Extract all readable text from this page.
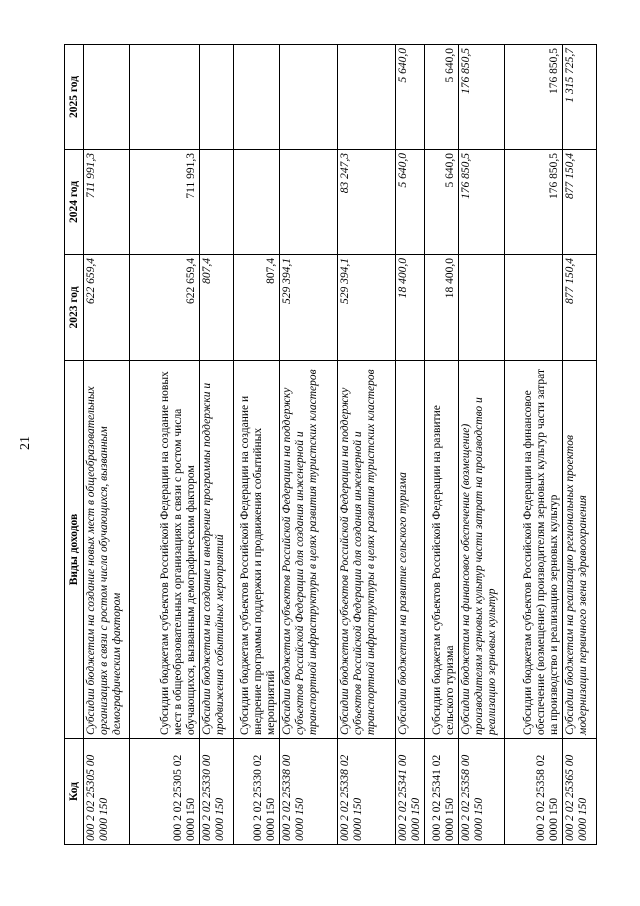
21
Код	Виды доходов	2023 год	2024 год	2025 год
000 2 02 25305 00 0000 150	Субсидии бюджетам на создание новых мест в общеобразовательных организациях в связи с ростом числа обучающихся, вызванным демографическим фактором	622 659,4	711 991,3	
000 2 02 25305 02 0000 150	Субсидии бюджетам субъектов Российской Федерации на создание новых мест в общеобразовательных организациях в связи с ростом числа обучающихся, вызванным демографическим фактором	622 659,4	711 991,3	
000 2 02 25330 00 0000 150	Субсидии бюджетам на создание и внедрение программы поддержки и продвижения событийных мероприятий	807,4		
000 2 02 25330 02 0000 150	Субсидии бюджетам субъектов Российской Федерации на создание и внедрение программы поддержки и продвижения событийных мероприятий	807,4		
000 2 02 25338 00 0000 150	Субсидии бюджетам субъектов Российской Федерации на поддержку субъектов Российской Федерации для создания инженерной и транспортной инфраструктуры в целях развития туристских кластеров	529 394,1		
000 2 02 25338 02 0000 150	Субсидии бюджетам субъектов Российской Федерации на поддержку субъектов Российской Федерации для создания инженерной и транспортной инфраструктуры в целях развития туристских кластеров	529 394,1	83 247,3	
000 2 02 25341 00 0000 150	Субсидии бюджетам на развитие сельского туризма	18 400,0	5 640,0	5 640,0
000 2 02 25341 02 0000 150	Субсидии бюджетам субъектов Российской Федерации на развитие сельского туризма	18 400,0	5 640,0	5 640,0
000 2 02 25358 00 0000 150	Субсидии бюджетам на финансовое обеспечение (возмещение) производителям зерновых культур части затрат на производство и реализацию зерновых культур		176 850,5	176 850,5
000 2 02 25358 02 0000 150	Субсидии бюджетам субъектов Российской Федерации на финансовое обеспечение (возмещение) производителям зерновых культур части затрат на производство и реализацию зерновых культур		176 850,5	176 850,5
000 2 02 25365 00 0000 150	Субсидии бюджетам на реализацию региональных проектов модернизации первичного звена здравоохранения	877 150,4	877 150,4	1 315 725,7
